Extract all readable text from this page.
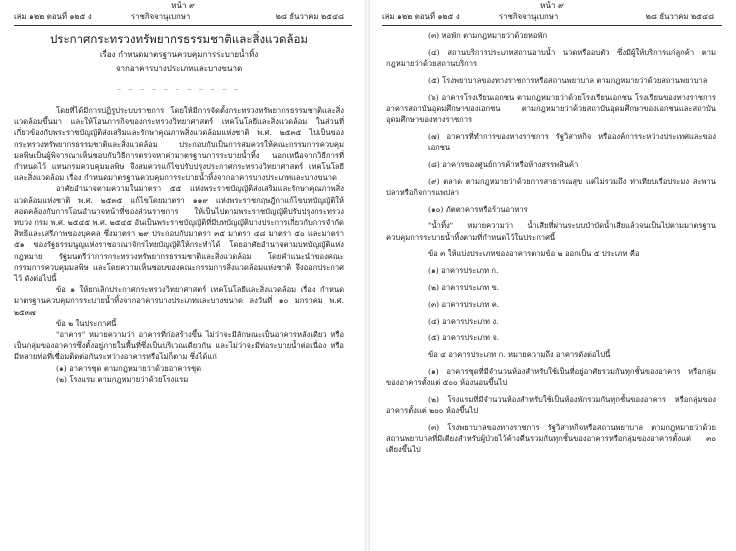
หน้า ๙
เล่ม ๑๒๒ ตอนที่ ๑๒๕ ง	ราชกิจจานุเบกษา	๒๘ ธันวาคม ๒๕๔๘
ประกาศกระทรวงทรัพยากรธรรมชาติและสิ่งแวดล้อม
เรื่อง กำหนดมาตรฐานควบคุมการระบายน้ำทิ้ง
จากอาคารบางประเภทและบางขนาด
_ _ _ _ _ _ _ _ _ _ _

โดยที่ได้มีการปฏิรูประบบราชการ โดยให้มีการจัดตั้งกระทรวงทรัพยากรธรรมชาติและสิ่งแวดล้อมขึ้นมา และให้โอนภารกิจของกระทรวงวิทยาศาสตร์ เทคโนโลยีและสิ่งแวดล้อม ในส่วนที่เกี่ยวข้องกับพระราชบัญญัติส่งเสริมและรักษาคุณภาพสิ่งแวดล้อมแห่งชาติ พ.ศ. ๒๕๓๕ ไปเป็นของกระทรวงทรัพยากรธรรมชาติและสิ่งแวดล้อม ประกอบกับเป็นการสมควรให้คณะกรรมการควบคุมมลพิษเป็นผู้พิจารณาเห็นชอบกับวิธีการตรวจหาค่ามาตรฐานการระบายน้ำทิ้ง นอกเหนือจากวิธีการที่กำหนดไว้ แทนกรมควบคุมมลพิษ จึงสมควรแก้ไขปรับปรุงประกาศกระทรวงวิทยาศาสตร์ เทคโนโลยีและสิ่งแวดล้อม เรื่อง กำหนดมาตรฐานควบคุมการระบายน้ำทิ้งจากอาคารบางประเภทและบางขนาด

อาศัยอำนาจตามความในมาตรา ๕๕ แห่งพระราชบัญญัติส่งเสริมและรักษาคุณภาพสิ่งแวดล้อมแห่งชาติ พ.ศ. ๒๕๓๕ แก้ไขโดยมาตรา ๑๑๙ แห่งพระราชกฤษฎีกาแก้ไขบทบัญญัติให้สอดคล้องกับการโอนอำนาจหน้าที่ของส่วนราชการ ให้เป็นไปตามพระราชบัญญัติปรับปรุงกระทรวง ทบวง กรม พ.ศ. ๒๕๔๕ พ.ศ. ๒๕๔๕ อันเป็นพระราชบัญญัติที่มีบทบัญญัติบางประการเกี่ยวกับการจำกัดสิทธิและเสรีภาพของบุคคล ซึ่งมาตรา ๒๙ ประกอบกับมาตรา ๓๕ มาตรา ๔๘ มาตรา ๕๐ และมาตรา ๕๑ ของรัฐธรรมนูญแห่งราชอาณาจักรไทยบัญญัติให้กระทำได้ โดยอาศัยอำนาจตามบทบัญญัติแห่งกฎหมาย รัฐมนตรีว่าการกระทรวงทรัพยากรธรรมชาติและสิ่งแวดล้อม โดยคำแนะนำของคณะกรรมการควบคุมมลพิษ และโดยความเห็นชอบของคณะกรรมการสิ่งแวดล้อมแห่งชาติ จึงออกประกาศไว้ ดังต่อไปนี้

ข้อ ๑ ให้ยกเลิกประกาศกระทรวงวิทยาศาสตร์ เทคโนโลยีและสิ่งแวดล้อม เรื่อง กำหนดมาตรฐานควบคุมการระบายน้ำทิ้งจากอาคารบางประเภทและบางขนาด ลงวันที่ ๑๐ มกราคม พ.ศ. ๒๕๓๗

ข้อ ๒ ในประกาศนี้

"อาคาร" หมายความว่า อาคารที่ก่อสร้างขึ้น ไม่ว่าจะมีลักษณะเป็นอาคารหลังเดียว หรือเป็นกลุ่มของอาคารซึ่งตั้งอยู่ภายในพื้นที่ซึ่งเป็นบริเวณเดียวกัน และไม่ว่าจะมีท่อระบายน้ำต่อเนื่อง หรือมีหลายท่อที่เชื่อมติดต่อกันระหว่างอาคารหรือไม่ก็ตาม ซึ่งได้แก่

(๑) อาคารชุด ตามกฎหมายว่าด้วยอาคารชุด

(๒) โรงแรม ตามกฎหมายว่าด้วยโรงแรม

หน้า ๙
เล่ม ๑๒๒ ตอนที่ ๑๒๕ ง	ราชกิจจานุเบกษา	๒๘ ธันวาคม ๒๕๔๘

(๓) หอพัก ตามกฎหมายว่าด้วยหอพัก

(๔) สถานบริการประเภทสถานอาบน้ำ นวดหรืออบตัว ซึ่งมีผู้ให้บริการแก่ลูกค้า ตามกฎหมายว่าด้วยสถานบริการ

(๕) โรงพยาบาลของทางราชการหรือสถานพยาบาล ตามกฎหมายว่าด้วยสถานพยาบาล

(๖) อาคารโรงเรียนเอกชน ตามกฎหมายว่าด้วยโรงเรียนเอกชน โรงเรียนของทางราชการ อาคารสถาบันอุดมศึกษาของเอกชน ตามกฎหมายว่าด้วยสถาบันอุดมศึกษาของเอกชนและสถาบันอุดมศึกษาของทางราชการ

(๗) อาคารที่ทำการของทางราชการ รัฐวิสาหกิจ หรือองค์การระหว่างประเทศและของเอกชน

(๘) อาคารของศูนย์การค้าหรือห้างสรรพสินค้า

(๙) ตลาด ตามกฎหมายว่าด้วยการสาธารณสุข แต่ไม่รวมถึง ท่าเทียบเรือประมง สะพานปลาหรือกิจการแพปลา

(๑๐) ภัตตาคารหรือร้านอาหาร

"น้ำทิ้ง" หมายความว่า น้ำเสียที่ผ่านระบบบำบัดน้ำเสียแล้วจนเป็นไปตามมาตรฐานควบคุมการระบายน้ำทิ้งตามที่กำหนดไว้ในประกาศนี้

ข้อ ๓ ให้แบ่งประเภทของอาคารตามข้อ ๒ ออกเป็น ๕ ประเภท คือ

(๑) อาคารประเภท ก.

(๒) อาคารประเภท ข.

(๓) อาคารประเภท ค.

(๔) อาคารประเภท ง.

(๕) อาคารประเภท จ.

ข้อ ๔ อาคารประเภท ก. หมายความถึง อาคารดังต่อไปนี้

(๑) อาคารชุดที่มีจำนวนห้องสำหรับใช้เป็นที่อยู่อาศัยรวมกันทุกชั้นของอาคาร หรือกลุ่มของอาคารตั้งแต่ ๕๐๐ ห้องนอนขึ้นไป

(๒) โรงแรมที่มีจำนวนห้องสำหรับใช้เป็นห้องพักรวมกันทุกชั้นของอาคาร หรือกลุ่มของอาคารตั้งแต่ ๒๐๐ ห้องขึ้นไป

(๓) โรงพยาบาลของทางราชการ รัฐวิสาหกิจหรือสถานพยาบาล ตามกฎหมายว่าด้วยสถานพยาบาลที่มีเตียงสำหรับผู้ป่วยไว้ค้างคืนรวมกันทุกชั้นของอาคารหรือกลุ่มของอาคารตั้งแต่ ๓๐ เตียงขึ้นไป
